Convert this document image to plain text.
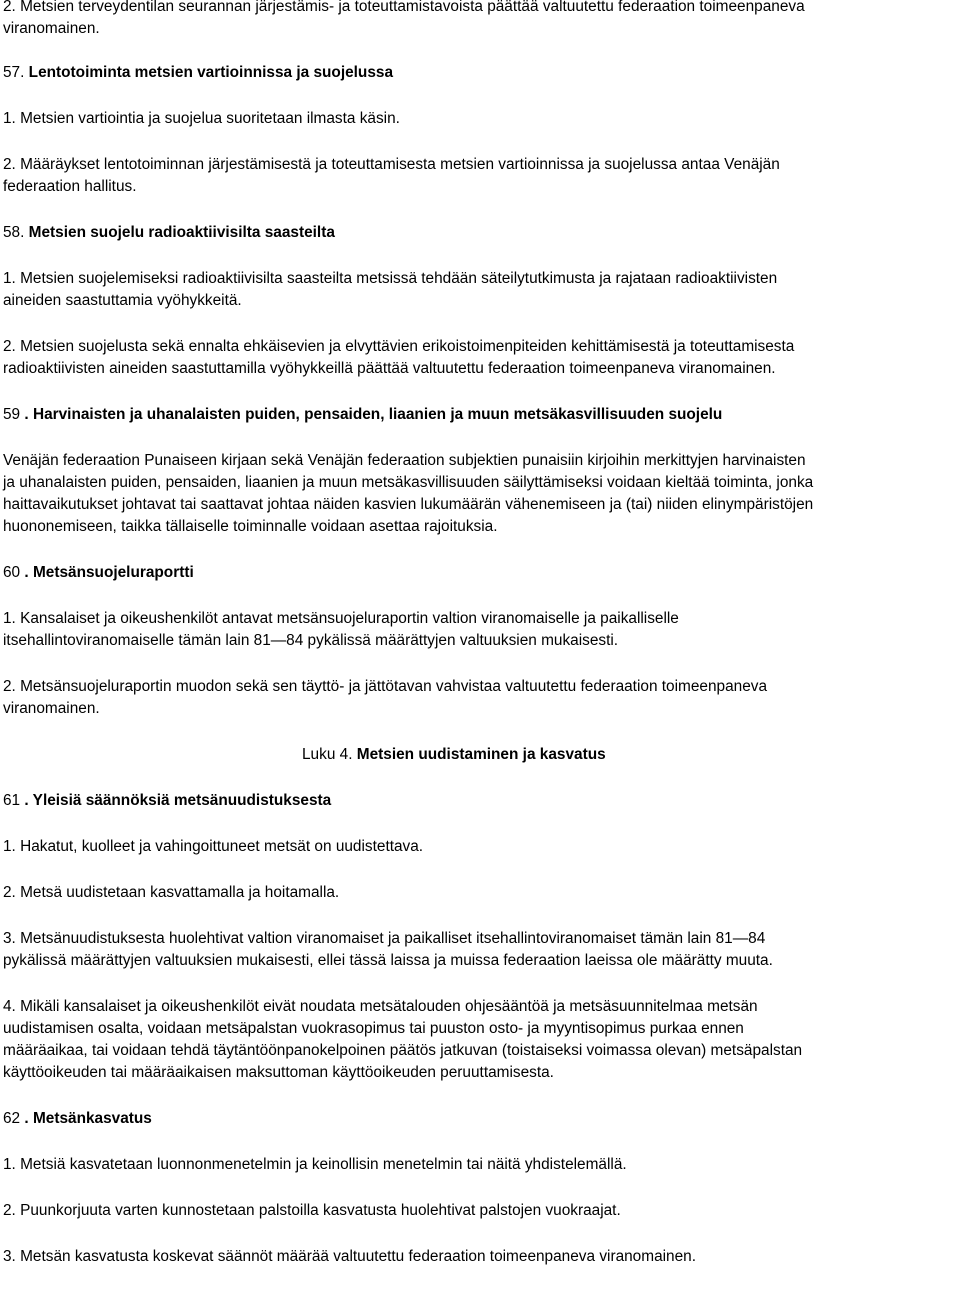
2. Metsien terveydentilan seurannan järjestämis- ja toteuttamistavoista päättää valtuutettu federaation toimeenpaneva
viranomainen.

57. Lentotoiminta metsien vartioinnissa ja suojelussa

1. Metsien vartiointia ja suojelua suoritetaan ilmasta käsin.

2. Määräykset lentotoiminnan järjestämisestä ja toteuttamisesta metsien vartioinnissa ja suojelussa antaa Venäjän
federaation hallitus.

58. Metsien suojelu radioaktiivisilta saasteilta

1. Metsien suojelemiseksi radioaktiivisilta saasteilta metsissä tehdään säteilytutkimusta ja rajataan radioaktiivisten
aineiden saastuttamia vyöhykkeitä.

2. Metsien suojelusta sekä ennalta ehkäisevien ja elvyttävien erikoistoimenpiteiden kehittämisestä ja toteuttamisesta
radioaktiivisten aineiden saastuttamilla vyöhykkeillä päättää valtuutettu federaation toimeenpaneva viranomainen.

59 . Harvinaisten ja uhanalaisten puiden, pensaiden, liaanien ja muun metsäkasvillisuuden suojelu

Venäjän federaation Punaiseen kirjaan sekä Venäjän federaation subjektien punaisiin kirjoihin merkittyjen harvinaisten
ja uhanalaisten puiden, pensaiden, liaanien ja muun metsäkasvillisuuden säilyttämiseksi voidaan kieltää toiminta, jonka
haittavaikutukset johtavat tai saattavat johtaa näiden kasvien lukumäärän vähenemiseen ja (tai) niiden elinympäristöjen
huononemiseen, taikka tällaiselle toiminnalle voidaan asettaa rajoituksia.

60 . Metsänsuojeluraportti

1. Kansalaiset ja oikeushenkilöt antavat metsänsuojeluraportin valtion viranomaiselle ja paikalliselle
itsehallintoviranomaiselle tämän lain 81—84 pykälissä määrättyjen valtuuksien mukaisesti.

2. Metsänsuojeluraportin muodon sekä sen täyttö- ja jättötavan vahvistaa valtuutettu federaation toimeenpaneva
viranomainen.

Luku 4. Metsien uudistaminen ja kasvatus
61 . Yleisiä säännöksiä metsänuudistuksesta

1. Hakatut, kuolleet ja vahingoittuneet metsät on uudistettava.

2. Metsä uudistetaan kasvattamalla ja hoitamalla.

3. Metsänuudistuksesta huolehtivat valtion viranomaiset ja paikalliset itsehallintoviranomaiset tämän lain 81—84
pykälissä määrättyjen valtuuksien mukaisesti, ellei tässä laissa ja muissa federaation laeissa ole määrätty muuta.

4. Mikäli kansalaiset ja oikeushenkilöt eivät noudata metsätalouden ohjesääntöä ja metsäsuunnitelmaa metsän
uudistamisen osalta, voidaan metsäpalstan vuokrasopimus tai puuston osto- ja myyntisopimus purkaa ennen
määräaikaa, tai voidaan tehdä täytäntöönpanokelpoinen päätös jatkuvan (toistaiseksi voimassa olevan) metsäpalstan
käyttöoikeuden tai määräaikaisen maksuttoman käyttöoikeuden peruuttamisesta.

62 . Metsänkasvatus

1. Metsiä kasvatetaan luonnonmenetelmin ja keinollisin menetelmin tai näitä yhdistelemällä.

2. Puunkorjuuta varten kunnostetaan palstoilla kasvatusta huolehtivat palstojen vuokraajat.

3. Metsän kasvatusta koskevat säännöt määrää valtuutettu federaation toimeenpaneva viranomainen.
